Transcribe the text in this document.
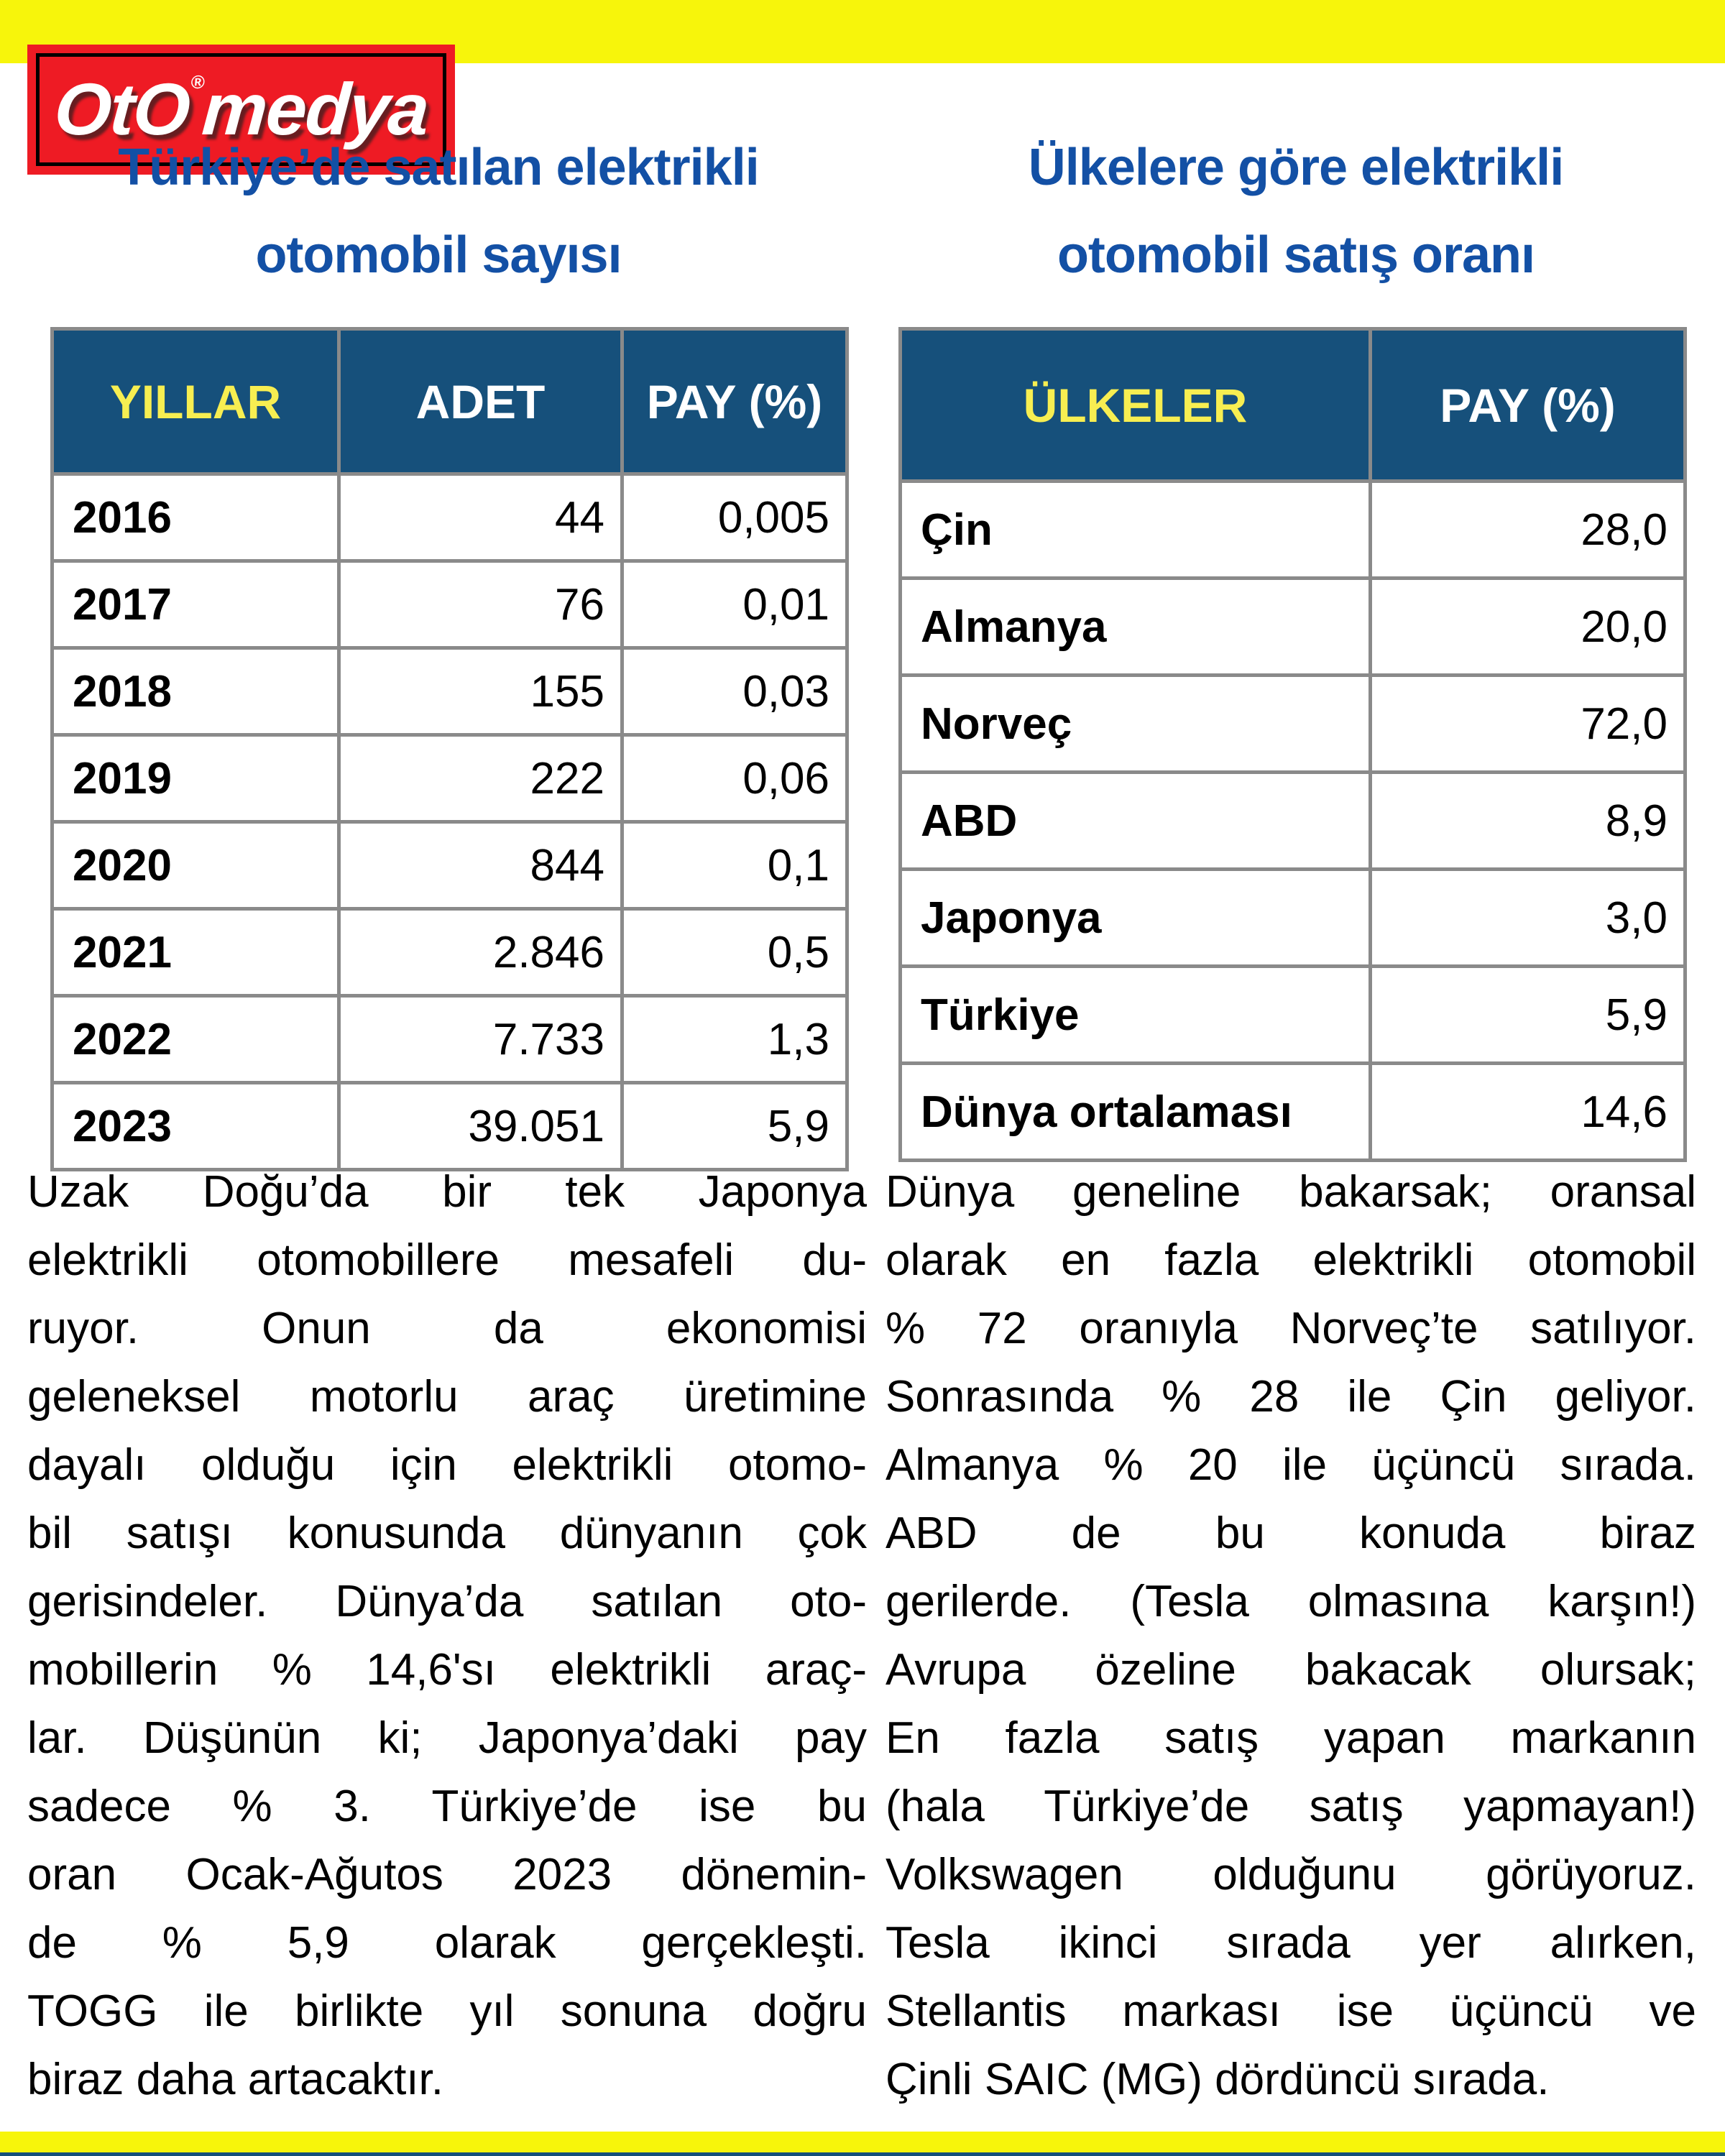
OtO
®
medya
Türkiye’de satılan elektrikli
otomobil sayısı
Ülkelere göre elektrikli
otomobil satış oranı
YILLAR	ADET	PAY (%)
2016	44	0,005
2017	76	0,01
2018	155	0,03
2019	222	0,06
2020	844	0,1
2021	2.846	0,5
2022	7.733	1,3
2023	39.051	5,9
ÜLKELER	PAY (%)
Çin	28,0
Almanya	20,0
Norveç	72,0
ABD	8,9
Japonya	3,0
Türkiye	5,9
Dünya ortalaması	14,6
Uzak Doğu’da bir tek Japonya
elektrikli otomobillere mesafeli du-
ruyor. Onun da ekonomisi
geleneksel motorlu araç üretimine
dayalı olduğu için elektrikli otomo-
bil satışı konusunda dünyanın çok
gerisindeler. Dünya’da satılan oto-
mobillerin % 14,6'sı elektrikli araç-
lar. Düşünün ki; Japonya’daki pay
sadece % 3. Türkiye’de ise bu
oran Ocak-Ağutos 2023 dönemin-
de % 5,9 olarak gerçekleşti.
TOGG ile birlikte yıl sonuna doğru
biraz daha artacaktır.
Dünya geneline bakarsak; oransal
olarak en fazla elektrikli otomobil
% 72 oranıyla Norveç’te satılıyor.
Sonrasında % 28 ile Çin geliyor.
Almanya % 20 ile üçüncü sırada.
ABD de bu konuda biraz
gerilerde. (Tesla olmasına karşın!)
Avrupa özeline bakacak olursak;
En fazla satış yapan markanın
(hala Türkiye’de satış yapmayan!)
Volkswagen olduğunu görüyoruz.
Tesla ikinci sırada yer alırken,
Stellantis markası ise üçüncü ve
Çinli SAIC (MG) dördüncü sırada.
